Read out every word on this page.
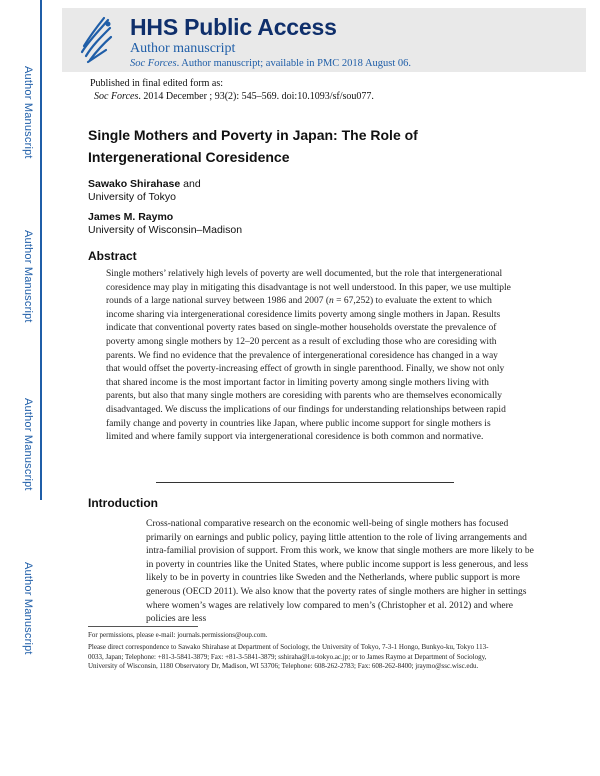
Author Manuscript
Author Manuscript
Author Manuscript
Author Manuscript
HHS Public Access
Author manuscript
Soc Forces. Author manuscript; available in PMC 2018 August 06.
Published in final edited form as:
Soc Forces. 2014 December ; 93(2): 545–569. doi:10.1093/sf/sou077.
Single Mothers and Poverty in Japan: The Role of Intergenerational Coresidence
Sawako Shirahase and
University of Tokyo
James M. Raymo
University of Wisconsin–Madison
Abstract
Single mothers’ relatively high levels of poverty are well documented, but the role that intergenerational coresidence may play in mitigating this disadvantage is not well understood. In this paper, we use multiple rounds of a large national survey between 1986 and 2007 (n = 67,252) to evaluate the extent to which income sharing via intergenerational coresidence limits poverty among single mothers in Japan. Results indicate that conventional poverty rates based on single-mother households overstate the prevalence of poverty among single mothers by 12–20 percent as a result of excluding those who are coresiding with parents. We find no evidence that the prevalence of intergenerational coresidence has changed in a way that would offset the poverty-increasing effect of growth in single parenthood. Finally, we show not only that shared income is the most important factor in limiting poverty among single mothers living with parents, but also that many single mothers are coresiding with parents who are themselves economically disadvantaged. We discuss the implications of our findings for understanding relationships between rapid family change and poverty in countries like Japan, where public income support for single mothers is limited and where family support via intergenerational coresidence is both common and normative.
Introduction
Cross-national comparative research on the economic well-being of single mothers has focused primarily on earnings and public policy, paying little attention to the role of living arrangements and intra-familial provision of support. From this work, we know that single mothers are more likely to be in poverty in countries like the United States, where public income support is less generous, and less likely to be in poverty in countries like Sweden and the Netherlands, where public support is more generous (OECD 2011). We also know that the poverty rates of single mothers are higher in settings where women’s wages are relatively low compared to men’s (Christopher et al. 2012) and where policies are less
For permissions, please e-mail: journals.permissions@oup.com.
Please direct correspondence to Sawako Shirahase at Department of Sociology, the University of Tokyo, 7-3-1 Hongo, Bunkyo-ku, Tokyo 113-0033, Japan; Telephone: +81-3-5841-3879; Fax: +81-3-5841-3879; sshiraha@l.u-tokyo.ac.jp; or to James Raymo at Department of Sociology, University of Wisconsin, 1180 Observatory Dr, Madison, WI 53706; Telephone: 608-262-2783; Fax: 608-262-8400; jraymo@ssc.wisc.edu.
